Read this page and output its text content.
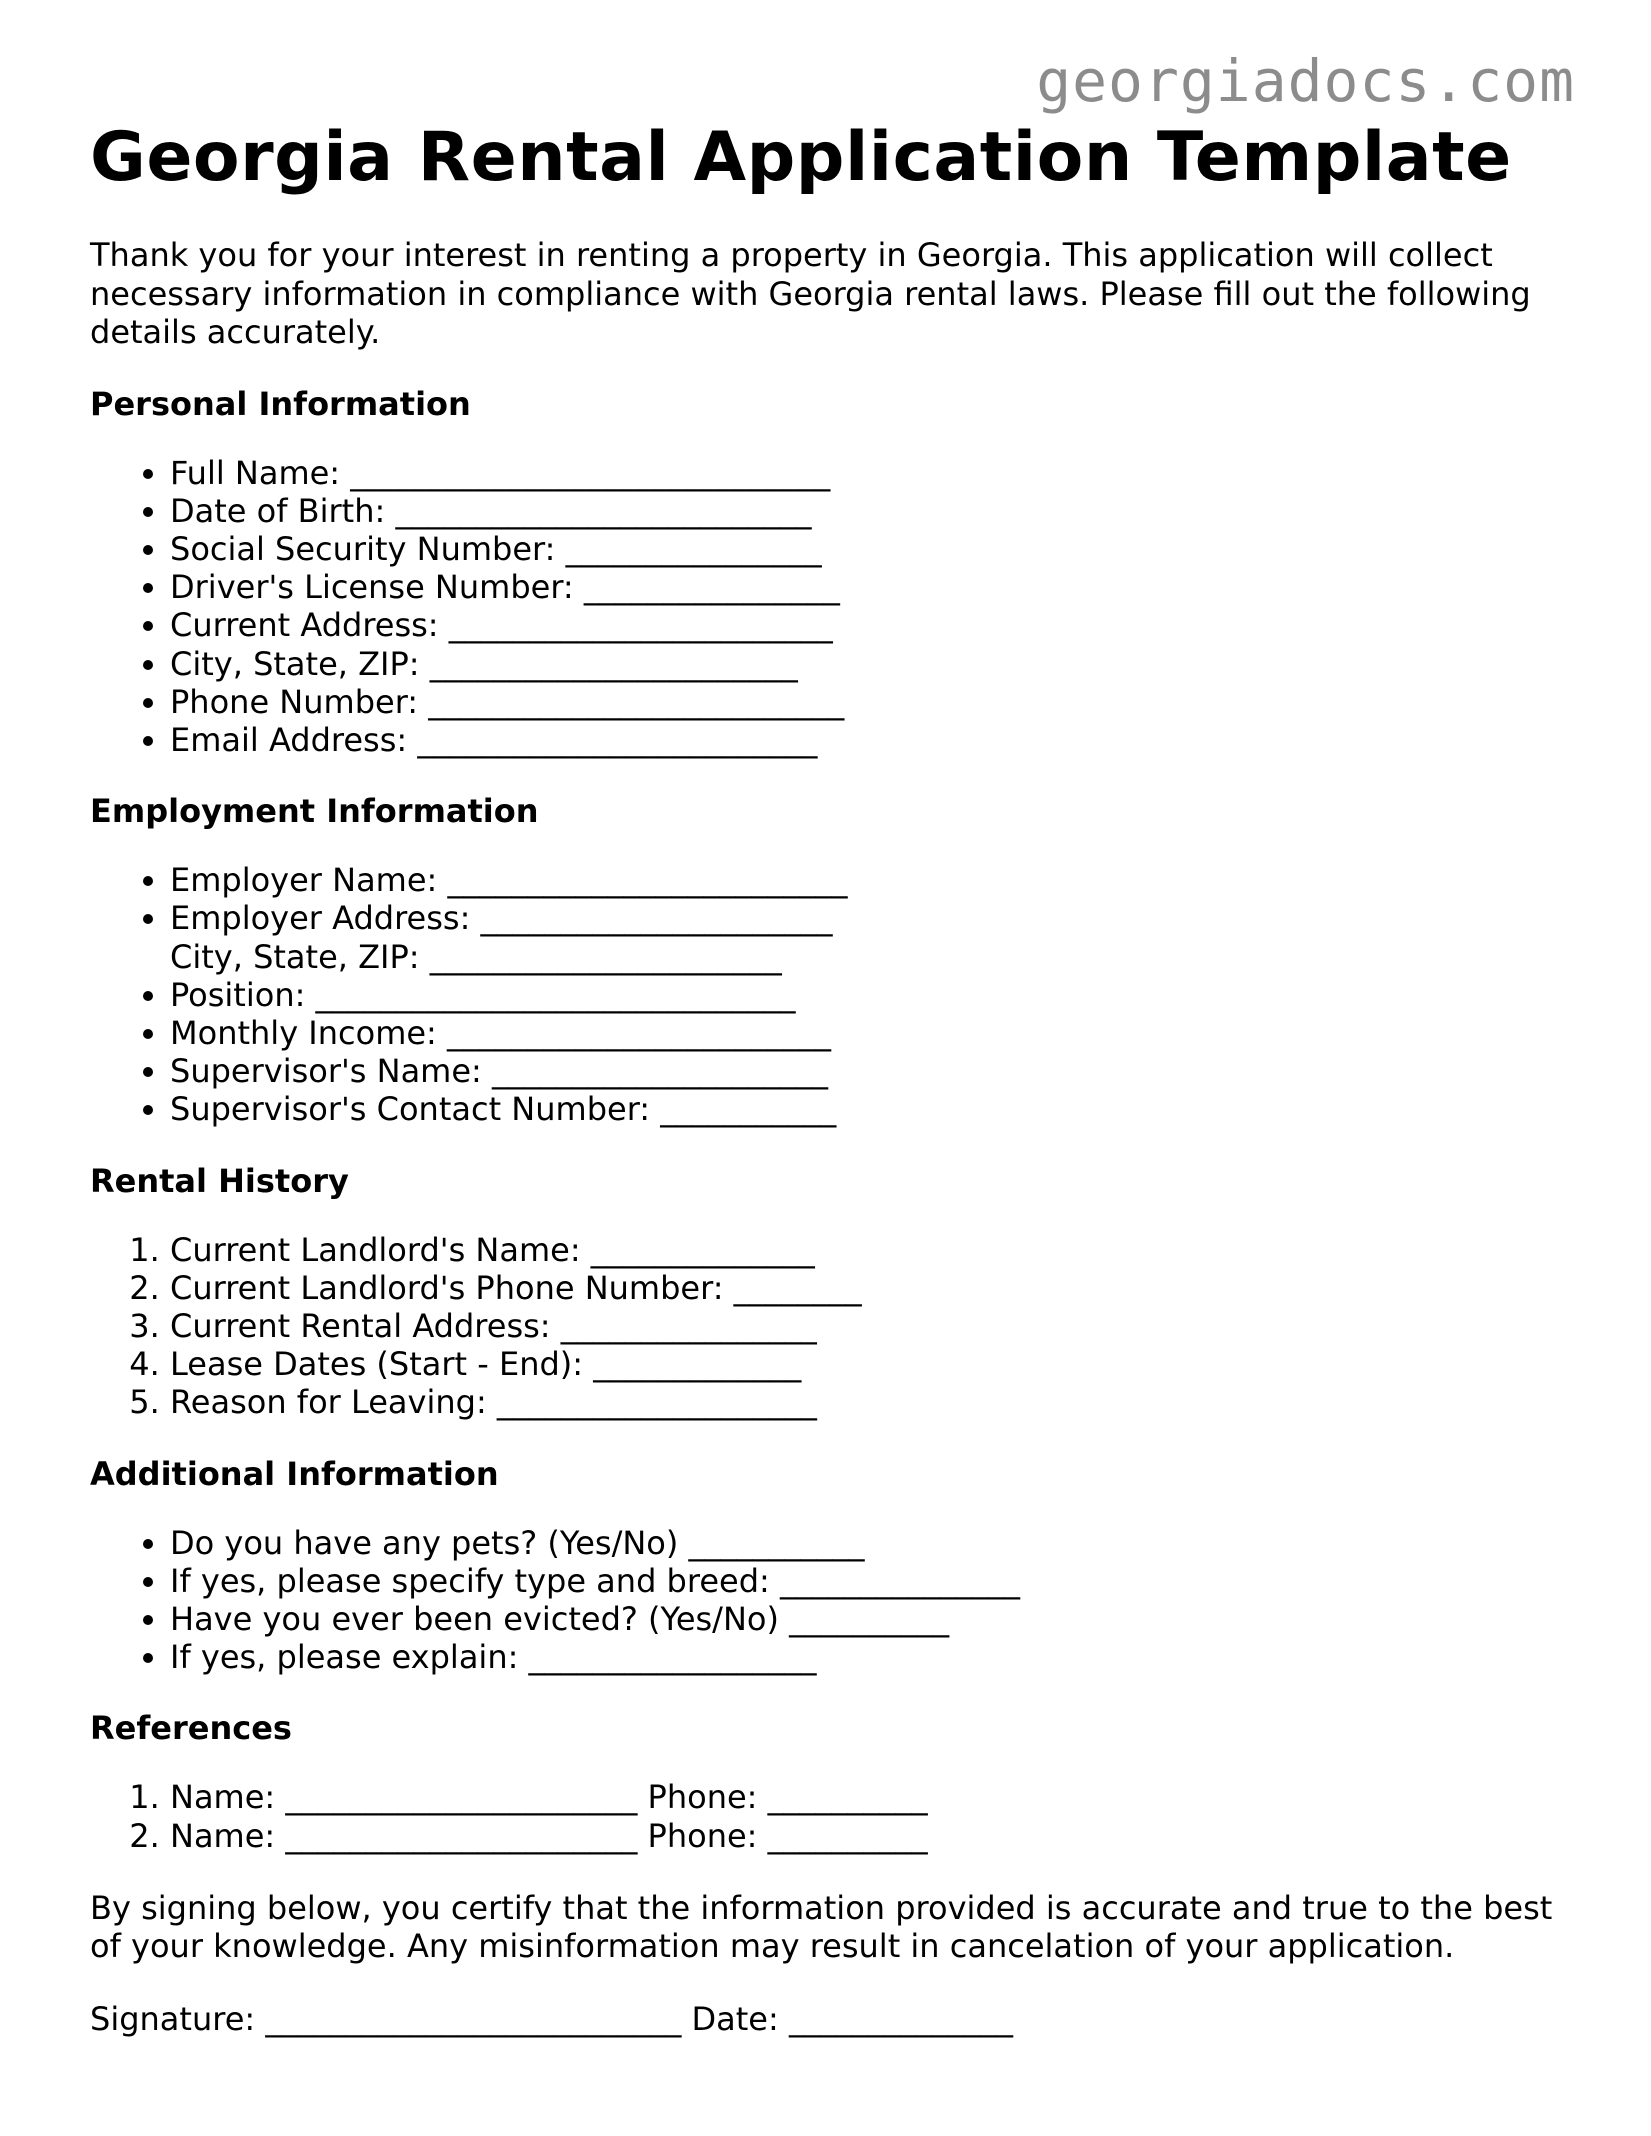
georgiadocs.com
Georgia Rental Application Template

Thank you for your interest in renting a property in Georgia. This application will collect necessary information in compliance with Georgia rental laws. Please fill out the following details accurately.

Personal Information
• Full Name: ______________________________
• Date of Birth: __________________________
• Social Security Number: ________________
• Driver's License Number: ________________
• Current Address: ________________________
• City, State, ZIP: _______________________
• Phone Number: __________________________
• Email Address: _________________________
Employment Information
• Employer Name: _________________________
• Employer Address: ______________________
City, State, ZIP: ______________________
• Position: ______________________________
• Monthly Income: ________________________
• Supervisor's Name: _____________________
• Supervisor's Contact Number: ___________
Rental History
1. Current Landlord's Name: ______________
2. Current Landlord's Phone Number: ________
3. Current Rental Address: ________________
4. Lease Dates (Start - End): _____________
5. Reason for Leaving: ____________________
Additional Information
• Do you have any pets? (Yes/No) ___________
• If yes, please specify type and breed: _______________
• Have you ever been evicted? (Yes/No) __________
• If yes, please explain: __________________
References
1. Name: ______________________ Phone: __________
2. Name: ______________________ Phone: __________

By signing below, you certify that the information provided is accurate and true to the best of your knowledge. Any misinformation may result in cancelation of your application.

Signature: __________________________ Date: ______________
